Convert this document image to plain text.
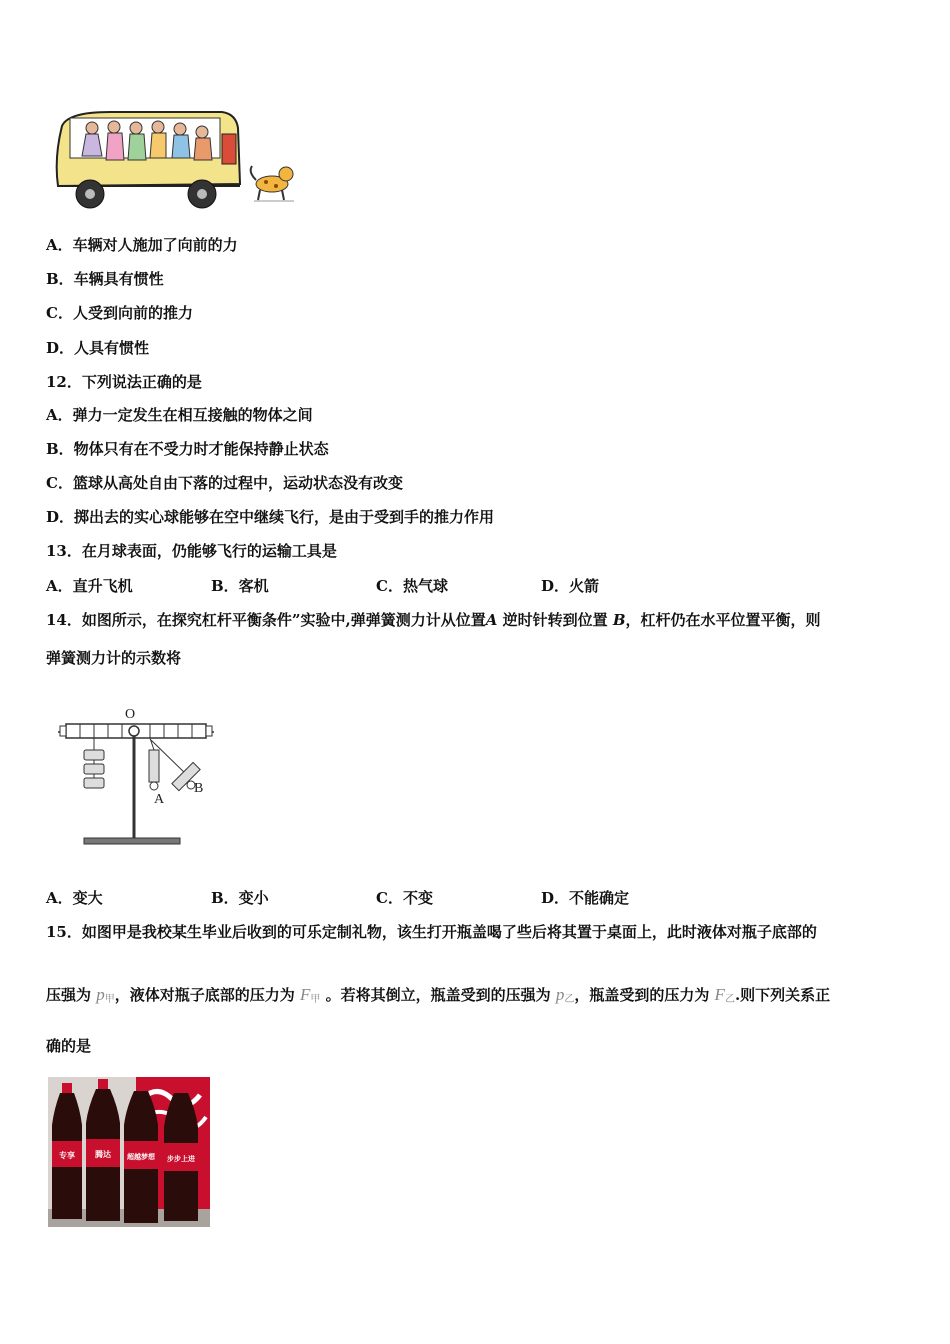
A．车辆对人施加了向前的力
B．车辆具有惯性
C．人受到向前的推力
D．人具有惯性
12．下列说法正确的是
A．弹力一定发生在相互接触的物体之间
B．物体只有在不受力时才能保持静止状态
C．篮球从高处自由下落的过程中，运动状态没有改变
D．掷出去的实心球能够在空中继续飞行，是由于受到手的推力作用
13．在月球表面，仍能够飞行的运输工具是
A．直升飞机	B．客机	C．热气球	D．火箭
14．如图所示，在探究杠杆平衡条件”实验中,弹弹簧测力计从位置A 逆时针转到位置 B，杠杆仍在水平位置平衡，则
弹簧测力计的示数将
O
A
B
A．变大	B．变小	C．不变	D．不能确定
15．如图甲是我校某生毕业后收到的可乐定制礼物，该生打开瓶盖喝了些后将其置于桌面上，此时液体对瓶子底部的
压强为 $p_甲$，液体对瓶子底部的压力为 $F_甲$ 。若将其倒立，瓶盖受到的压强为 $p_乙$，瓶盖受到的压力为 $F_乙$.则下列关系正
确的是
专享	腾达 超越梦想 步步上进
